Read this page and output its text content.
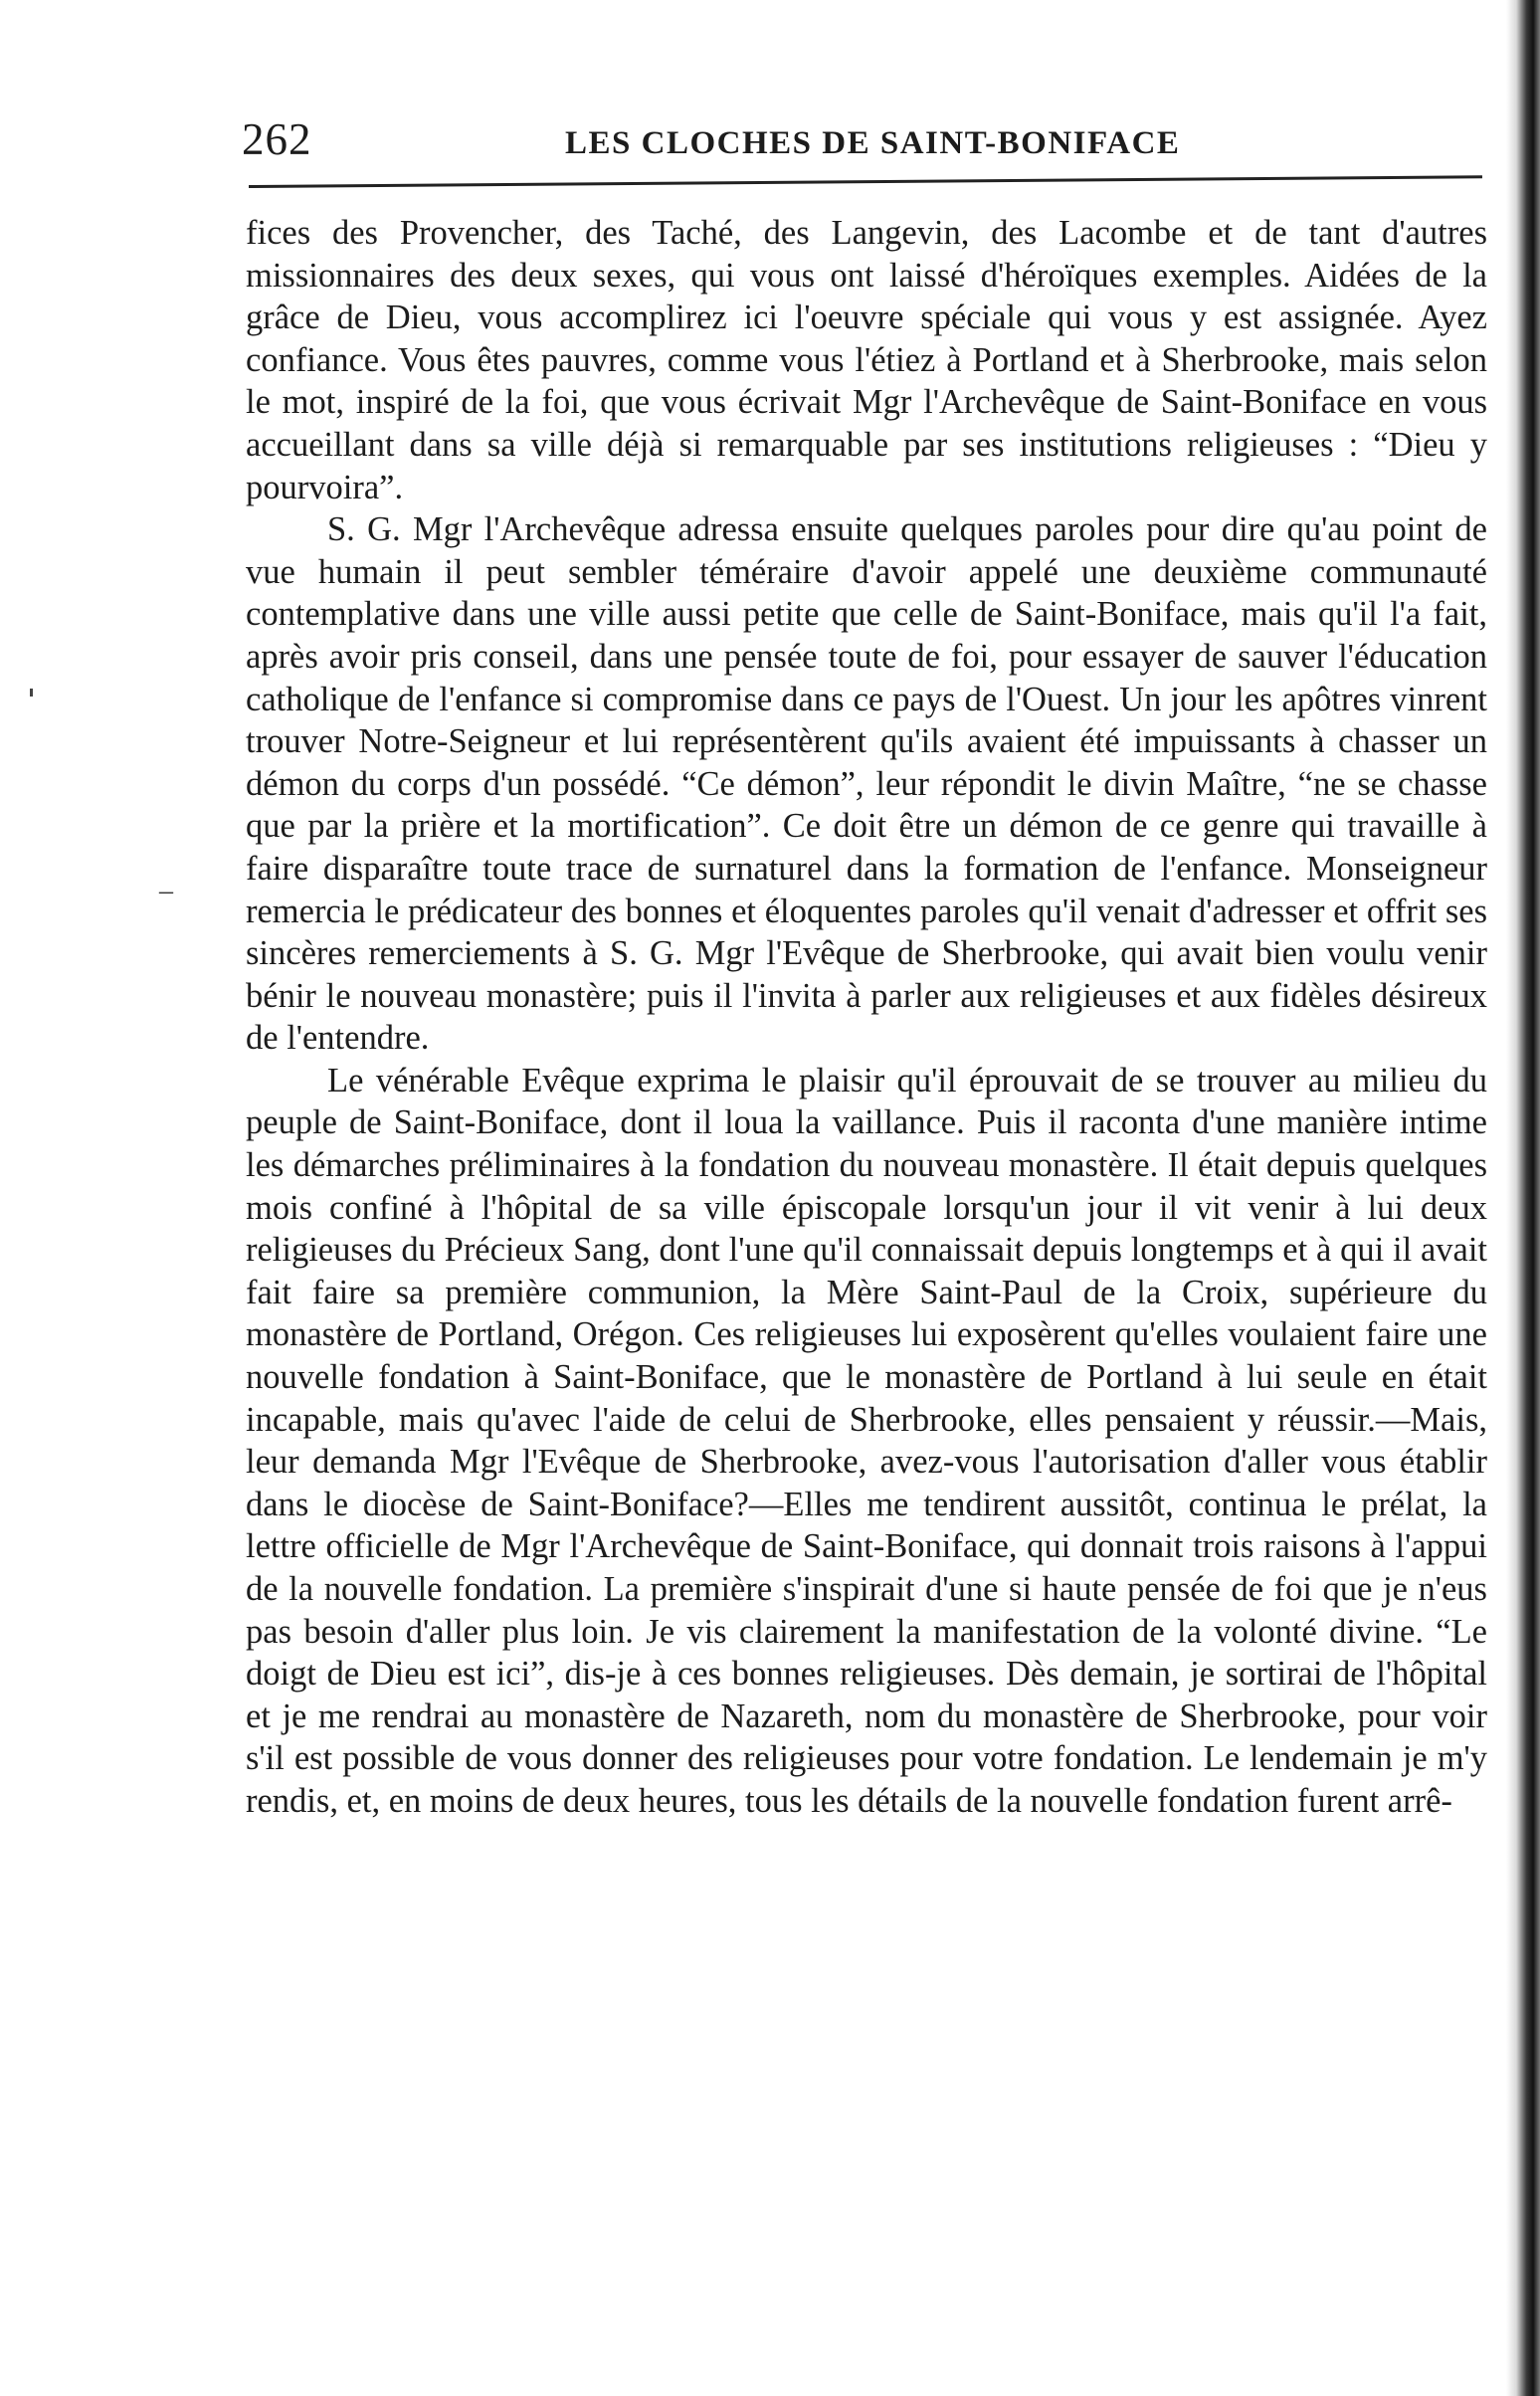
262	LES CLOCHES DE SAINT-BONIFACE

fices des Provencher, des Taché, des Langevin, des Lacombe et de tant d'autres missionnaires des deux sexes, qui vous ont laissé d'héroïques exemples. Aidées de la grâce de Dieu, vous accomplirez ici l'oeuvre spéciale qui vous y est assignée. Ayez confiance. Vous êtes pauvres, comme vous l'étiez à Portland et à Sherbrooke, mais selon le mot, inspiré de la foi, que vous écrivait Mgr l'Archevêque de Saint-Boniface en vous accueillant dans sa ville déjà si remarquable par ses institutions religieuses : “Dieu y pourvoira”.

S. G. Mgr l'Archevêque adressa ensuite quelques paroles pour dire qu'au point de vue humain il peut sembler téméraire d'avoir appelé une deuxième communauté contemplative dans une ville aussi petite que celle de Saint-Boniface, mais qu'il l'a fait, après avoir pris conseil, dans une pensée toute de foi, pour essayer de sauver l'éducation catholique de l'enfance si compromise dans ce pays de l'Ouest. Un jour les apôtres vinrent trouver Notre-Seigneur et lui représentèrent qu'ils avaient été impuissants à chasser un démon du corps d'un possédé. “Ce démon”, leur répondit le divin Maître, “ne se chasse que par la prière et la mortification”. Ce doit être un démon de ce genre qui travaille à faire disparaître toute trace de surnaturel dans la formation de l'enfance. Monseigneur remercia le prédicateur des bonnes et éloquentes paroles qu'il venait d'adresser et offrit ses sincères remerciements à S. G. Mgr l'Evêque de Sherbrooke, qui avait bien voulu venir bénir le nouveau monastère; puis il l'invita à parler aux religieuses et aux fidèles désireux de l'entendre.

Le vénérable Evêque exprima le plaisir qu'il éprouvait de se trouver au milieu du peuple de Saint-Boniface, dont il loua la vaillance. Puis il raconta d'une manière intime les démarches préliminaires à la fondation du nouveau monastère. Il était depuis quelques mois confiné à l'hôpital de sa ville épiscopale lorsqu'un jour il vit venir à lui deux religieuses du Précieux Sang, dont l'une qu'il connaissait depuis longtemps et à qui il avait fait faire sa première communion, la Mère Saint-Paul de la Croix, supérieure du monastère de Portland, Orégon. Ces religieuses lui exposèrent qu'elles voulaient faire une nouvelle fondation à Saint-Boniface, que le monastère de Portland à lui seule en était incapable, mais qu'avec l'aide de celui de Sherbrooke, elles pensaient y réussir.—Mais, leur demanda Mgr l'Evêque de Sherbrooke, avez-vous l'autorisation d'aller vous établir dans le diocèse de Saint-Boniface?—Elles me tendirent aussitôt, continua le prélat, la lettre officielle de Mgr l'Archevêque de Saint-Boniface, qui donnait trois raisons à l'appui de la nouvelle fondation. La première s'inspirait d'une si haute pensée de foi que je n'eus pas besoin d'aller plus loin. Je vis clairement la manifestation de la volonté divine. “Le doigt de Dieu est ici”, dis-je à ces bonnes religieuses. Dès demain, je sortirai de l'hôpital et je me rendrai au monastère de Nazareth, nom du monastère de Sherbrooke, pour voir s'il est possible de vous donner des religieuses pour votre fondation. Le lendemain je m'y rendis, et, en moins de deux heures, tous les détails de la nouvelle fondation furent arrê-

–
